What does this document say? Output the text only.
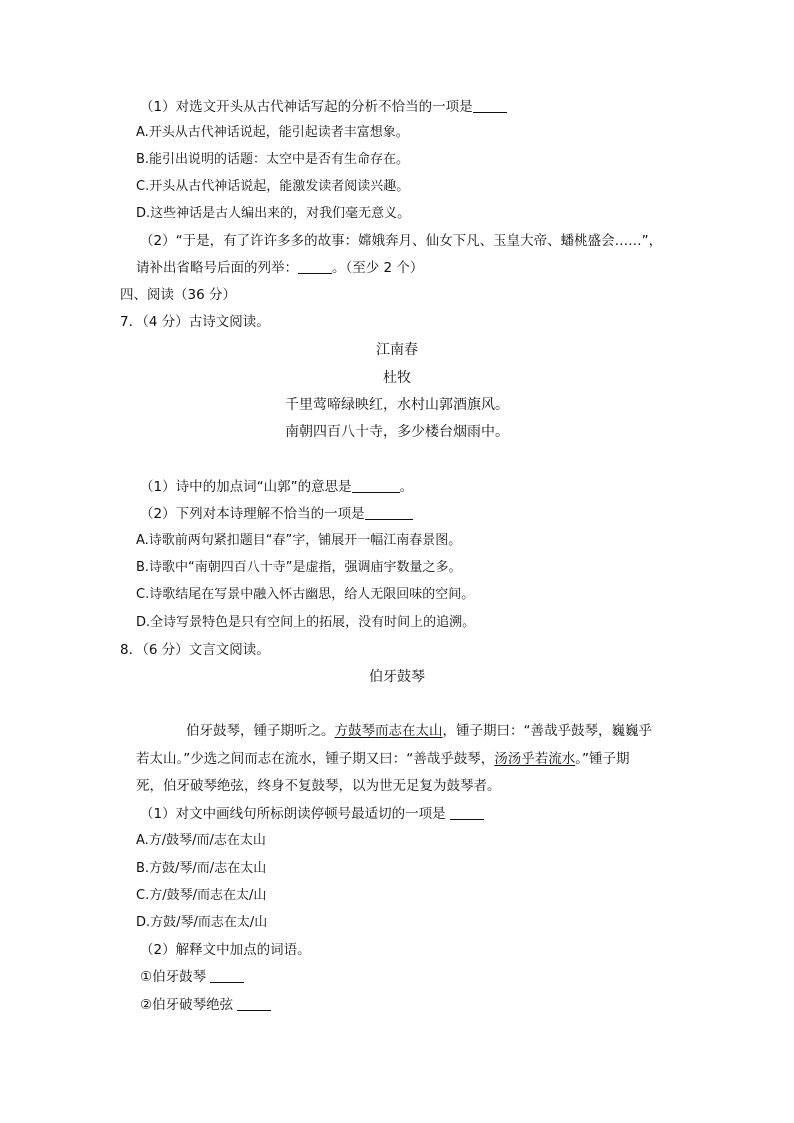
（1）对选文开头从古代神话写起的分析不恰当的一项是
A.开头从古代神话说起，能引起读者丰富想象。
B.能引出说明的话题：太空中是否有生命存在。
C.开头从古代神话说起，能激发读者阅读兴趣。
D.这些神话是古人编出来的，对我们毫无意义。
（2）“于是，有了许许多多的故事：嫦娥奔月、仙女下凡、玉皇大帝、蟠桃盛会……”，
请补出省略号后面的列举：	。（至少 2 个）
四、阅读（36 分）
7．（4 分）古诗文阅读。
江南春
杜牧
千里莺啼绿映红，水村山郭酒旗风。
南朝四百八十寺，多少楼台烟雨中。
（1）诗中的加点词“山郭”的意思是	。
（2）下列对本诗理解不恰当的一项是
A.诗歌前两句紧扣题目“春”字，铺展开一幅江南春景图。
B.诗歌中“南朝四百八十寺”是虚指，强调庙宇数量之多。
C.诗歌结尾在写景中融入怀古幽思，给人无限回味的空间。
D.全诗写景特色是只有空间上的拓展，没有时间上的追溯。
8．（6 分）文言文阅读。
伯牙鼓琴
伯牙鼓琴，锺子期听之。方鼓琴而志在太山，锺子期曰：“善哉乎鼓琴，巍巍乎
若太山。”少选之间而志在流水，锺子期又曰：“善哉乎鼓琴，汤汤乎若流水。”锺子期
死，伯牙破琴绝弦，终身不复鼓琴，以为世无足复为鼓琴者。
（1）对文中画线句所标朗读停顿号最适切的一项是
A.方/鼓琴/而/志在太山
B.方鼓/琴/而/志在太山
C.方/鼓琴/而志在太/山
D.方鼓/琴/而志在太/山
（2）解释文中加点的词语。
①伯牙鼓琴
②伯牙破琴绝弦
